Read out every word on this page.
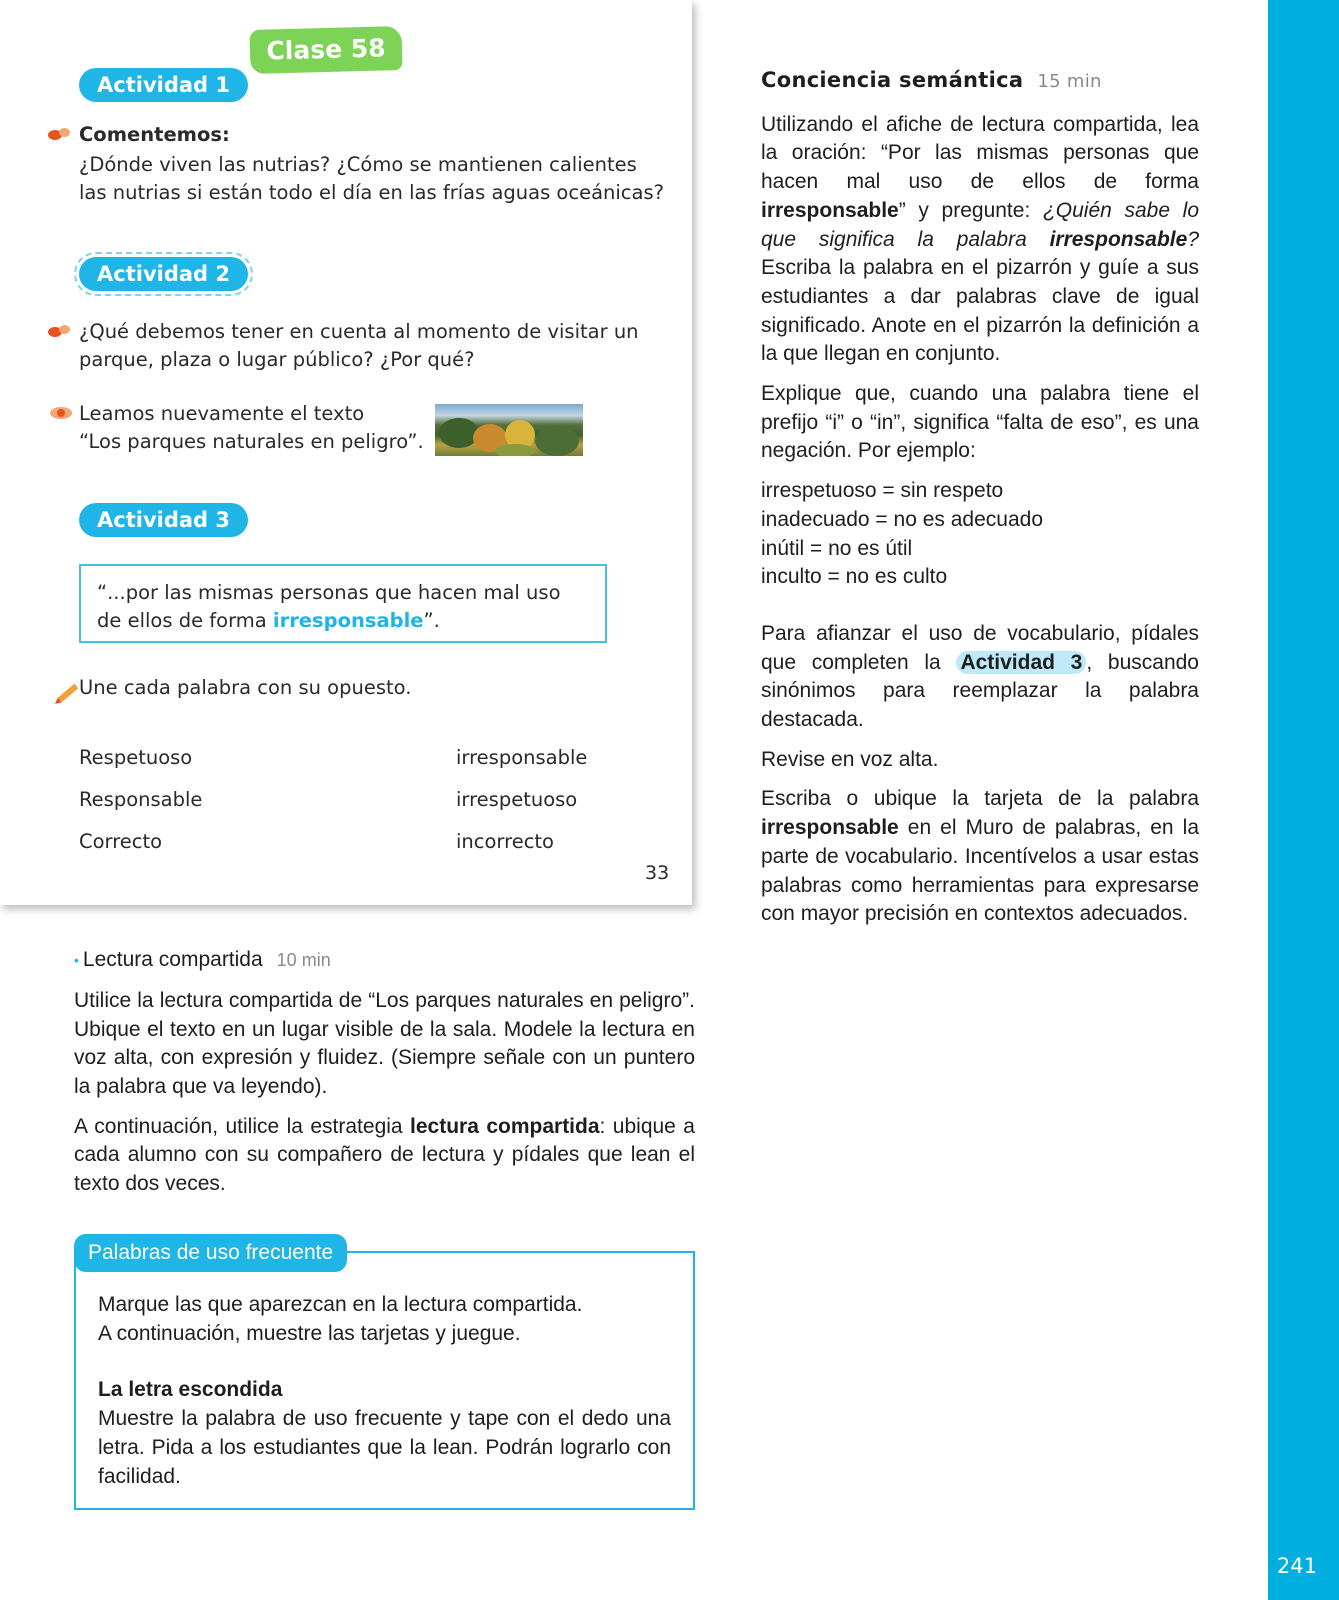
241
Clase 58
Actividad 1
Comentemos:
¿Dónde viven las nutrias? ¿Cómo se mantienen calientes
las nutrias si están todo el día en las frías aguas oceánicas?
Actividad 2
¿Qué debemos tener en cuenta al momento de visitar un
parque, plaza o lugar público? ¿Por qué?
Leamos nuevamente el texto
“Los parques naturales en peligro”.
Actividad 3
“...por las mismas personas que hacen mal uso
de ellos de forma irresponsable”.
Une cada palabra con su opuesto.
Respetuoso
Responsable
Correcto
irresponsable
irrespetuoso
incorrecto
33
Conciencia semántica 15 min

Utilizando el afiche de lectura compartida, lea la oración: “Por las mismas personas que hacen mal uso de ellos de forma irresponsable” y pregunte: ¿Quién sabe lo que significa la palabra irresponsable? Escriba la palabra en el pizarrón y guíe a sus estudiantes a dar palabras clave de igual significado. Anote en el pizarrón la definición a la que llegan en conjunto.

Explique que, cuando una palabra tiene el prefijo “i” o “in”, significa “falta de eso”, es una negación. Por ejemplo:

irrespetuoso = sin respeto
inadecuado = no es adecuado
inútil = no es útil
inculto = no es culto

Para afianzar el uso de vocabulario, pídales que completen la Actividad 3 , buscando sinónimos para reemplazar la palabra destacada.

Revise en voz alta.

Escriba o ubique la tarjeta de la palabra irresponsable en el Muro de palabras, en la parte de vocabulario. Incentívelos a usar estas palabras como herramientas para expresarse con mayor precisión en contextos adecuados.

• Lectura compartida 10 min

Utilice la lectura compartida de “Los parques naturales en peligro”. Ubique el texto en un lugar visible de la sala. Modele la lectura en voz alta, con expresión y fluidez. (Siempre señale con un puntero la palabra que va leyendo).

A continuación, utilice la estrategia lectura compartida: ubique a cada alumno con su compañero de lectura y pídales que lean el texto dos veces.

Marque las que aparezcan en la lectura compartida.
A continuación, muestre las tarjetas y juegue.
La letra escondida

Muestre la palabra de uso frecuente y tape con el dedo una letra. Pida a los estudiantes que la lean. Podrán lograrlo con facilidad.

Palabras de uso frecuente
